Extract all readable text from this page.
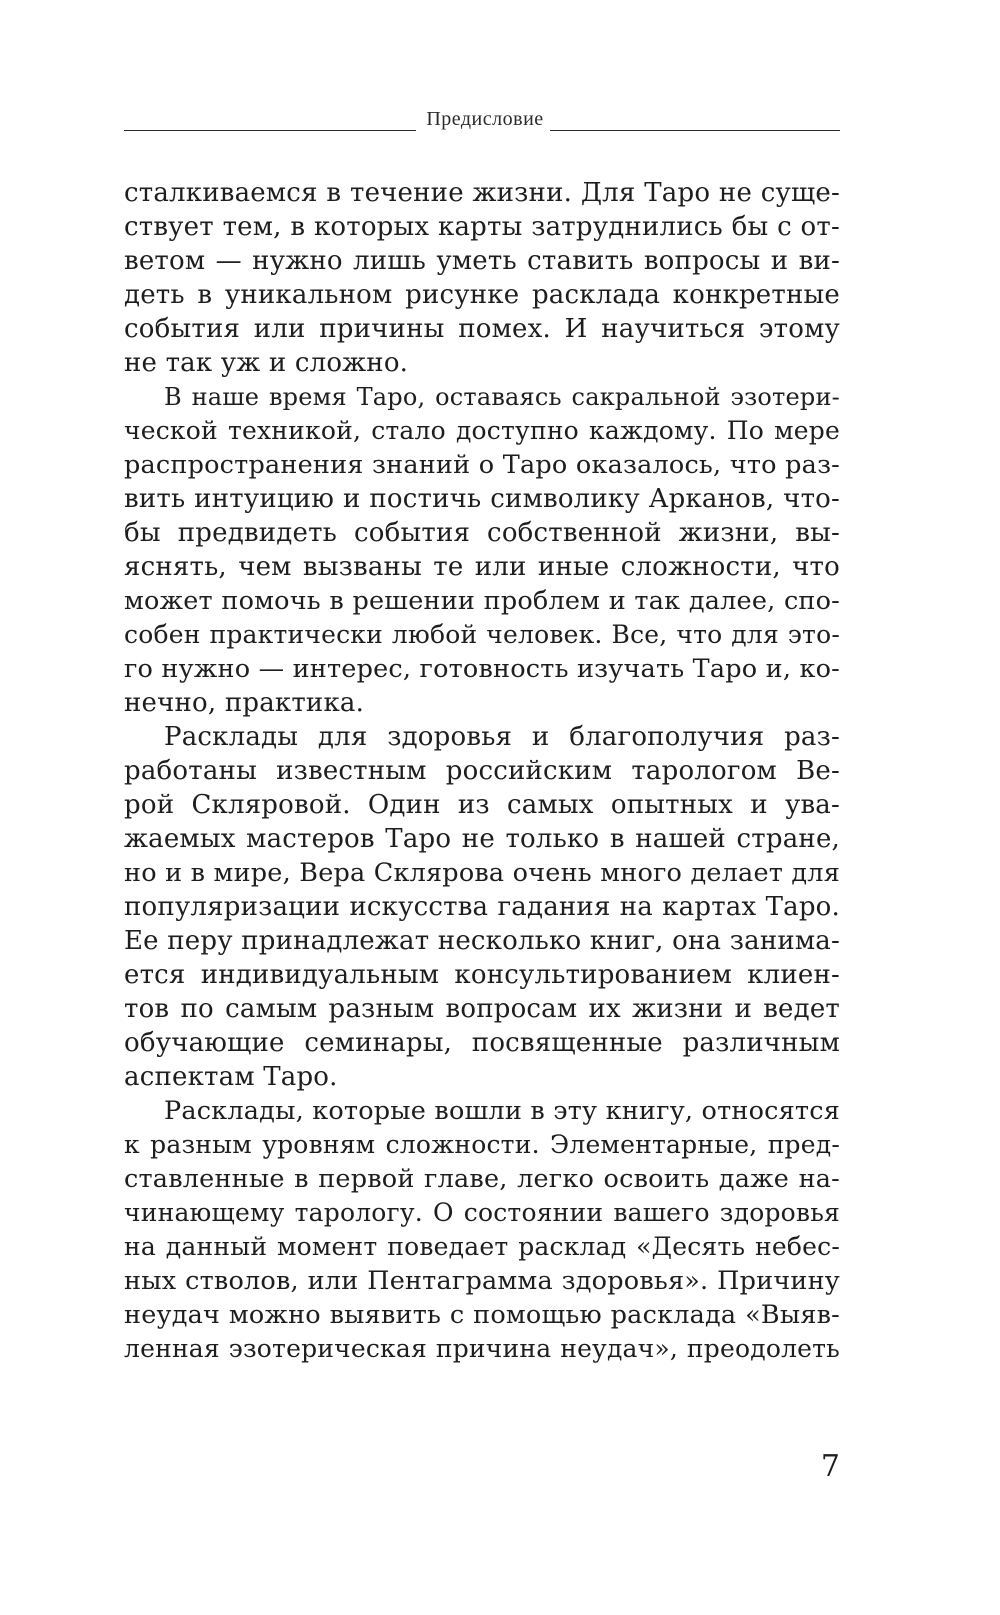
Предисловие
сталкиваемся в течение жизни. Для Таро не суще-
ствует тем, в которых карты затруднились бы с от-
ветом — нужно лишь уметь ставить вопросы и ви-
деть в уникальном рисунке расклада конкретные
события или причины помех. И научиться этому
не так уж и сложно.
В наше время Таро, оставаясь сакральной эзотери-
ческой техникой, стало доступно каждому. По мере
распространения знаний о Таро оказалось, что раз-
вить интуицию и постичь символику Арканов, что-
бы предвидеть события собственной жизни, вы-
яснять, чем вызваны те или иные сложности, что
может помочь в решении проблем и так далее, спо-
собен практически любой человек. Все, что для это-
го нужно — интерес, готовность изучать Таро и, ко-
нечно, практика.
Расклады для здоровья и благополучия раз-
работаны известным российским тарологом Ве-
рой Скляровой. Один из самых опытных и ува-
жаемых мастеров Таро не только в нашей стране,
но и в мире, Вера Склярова очень много делает для
популяризации искусства гадания на картах Таро.
Ее перу принадлежат несколько книг, она занима-
ется индивидуальным консультированием клиен-
тов по самым разным вопросам их жизни и ведет
обучающие семинары, посвященные различным
аспектам Таро.
Расклады, которые вошли в эту книгу, относятся
к разным уровням сложности. Элементарные, пред-
ставленные в первой главе, легко освоить даже на-
чинающему тарологу. О состоянии вашего здоровья
на данный момент поведает расклад «Десять небес-
ных стволов, или Пентаграмма здоровья». Причину
неудач можно выявить с помощью расклада «Выяв-
ленная эзотерическая причина неудач», преодолеть
7
